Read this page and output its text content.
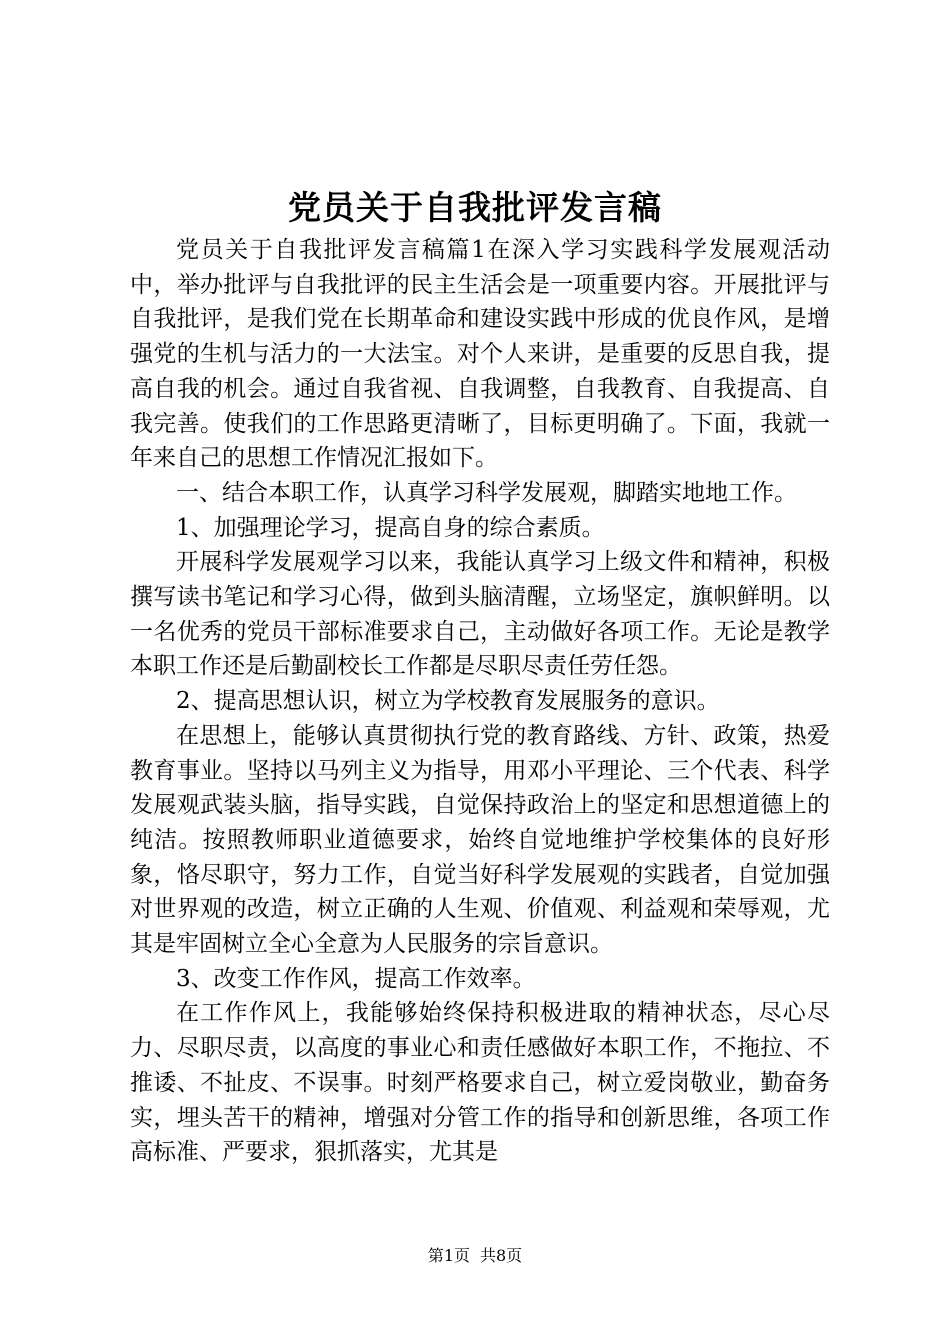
党员关于自我批评发言稿

党员关于自我批评发言稿篇1在深入学习实践科学发展观活动中，举办批评与自我批评的民主生活会是一项重要内容。开展批评与自我批评，是我们党在长期革命和建设实践中形成的优良作风，是增强党的生机与活力的一大法宝。对个人来讲，是重要的反思自我，提高自我的机会。通过自我省视、自我调整，自我教育、自我提高、自我完善。使我们的工作思路更清晰了，目标更明确了。下面，我就一年来自己的思想工作情况汇报如下。

一、结合本职工作，认真学习科学发展观，脚踏实地地工作。

1、加强理论学习，提高自身的综合素质。

开展科学发展观学习以来，我能认真学习上级文件和精神，积极撰写读书笔记和学习心得，做到头脑清醒，立场坚定，旗帜鲜明。以一名优秀的党员干部标准要求自己，主动做好各项工作。无论是教学本职工作还是后勤副校长工作都是尽职尽责任劳任怨。

2、提高思想认识，树立为学校教育发展服务的意识。

在思想上，能够认真贯彻执行党的教育路线、方针、政策，热爱教育事业。坚持以马列主义为指导，用邓小平理论、三个代表、科学发展观武装头脑，指导实践，自觉保持政治上的坚定和思想道德上的纯洁。按照教师职业道德要求，始终自觉地维护学校集体的良好形象，恪尽职守，努力工作，自觉当好科学发展观的实践者，自觉加强对世界观的改造，树立正确的人生观、价值观、利益观和荣辱观，尤其是牢固树立全心全意为人民服务的宗旨意识。

3、改变工作作风，提高工作效率。

在工作作风上，我能够始终保持积极进取的精神状态，尽心尽力、尽职尽责，以高度的事业心和责任感做好本职工作，不拖拉、不推诿、不扯皮、不误事。时刻严格要求自己，树立爱岗敬业，勤奋务实，埋头苦干的精神，增强对分管工作的指导和创新思维，各项工作高标准、严要求，狠抓落实，尤其是

第1页 共8页
